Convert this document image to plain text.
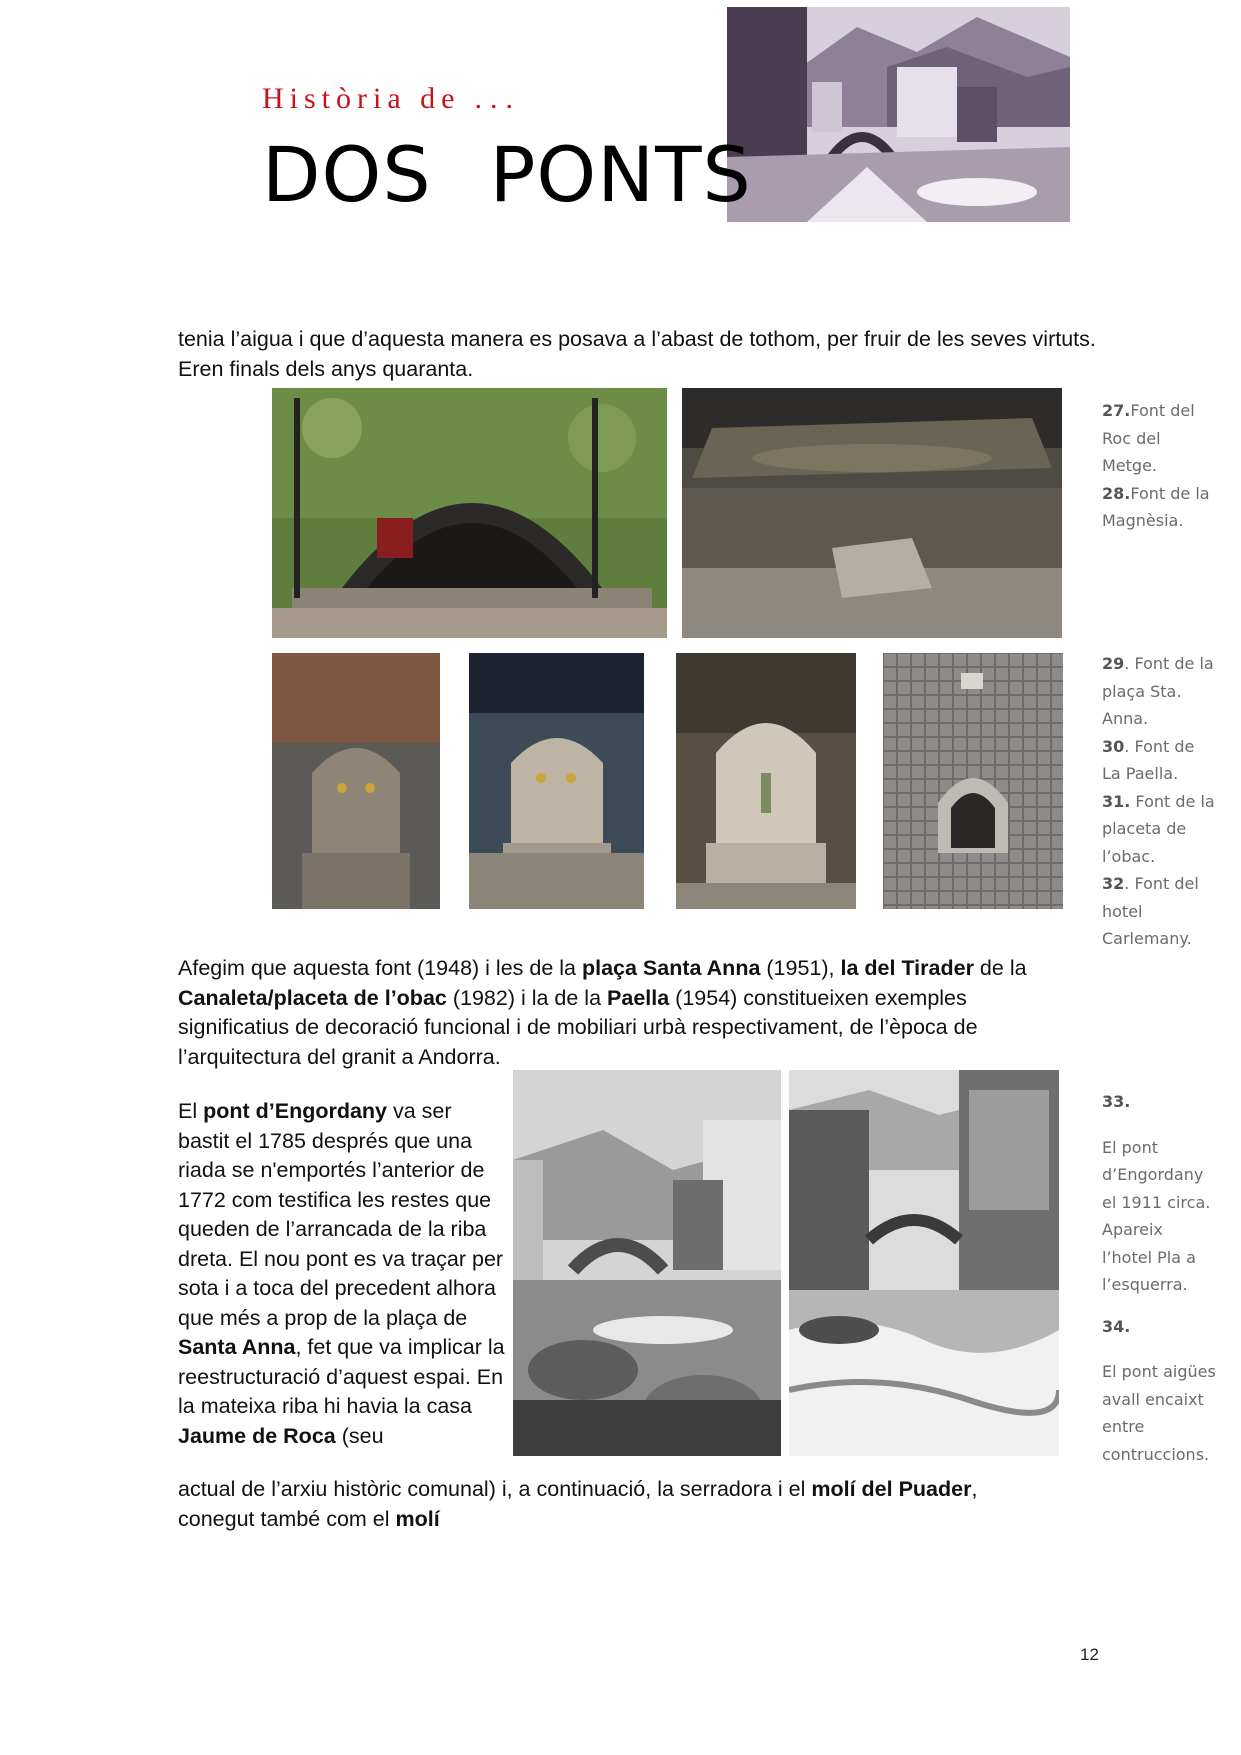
Història de ...
DOS PONTS
tenia l’aigua i que d’aquesta manera es posava a l’abast de tothom, per fruir de les seves virtuts. Eren finals dels anys quaranta.
27.Font del Roc del Metge.
28.Font de la Magnèsia.
29. Font de la plaça Sta. Anna.
30. Font de La Paella.
31. Font de la placeta de l’obac.
32. Font del hotel Carlemany.
Afegim que aquesta font (1948) i les de la plaça Santa Anna (1951), la del Tirader de la Canaleta/placeta de l’obac (1982) i la de la Paella (1954) constitueixen exemples significatius de decoració funcional i de mobiliari urbà respectivament, de l’època de l’arquitectura del granit a Andorra.
El pont d’Engordany va ser bastit el 1785 després que una riada se n'emportés l’anterior de 1772 com testifica les restes que queden de l’arrancada de la riba dreta. El nou pont es va traçar per sota i a toca del precedent alhora que més a prop de la plaça de Santa Anna, fet que va implicar la reestructuració d’aquest espai. En la mateixa riba hi havia la casa Jaume de Roca (seu
actual de l’arxiu històric comunal) i, a continuació, la serradora i el molí del Puader,
conegut també com el molí
33.

El pont d’Engordany el 1911 circa. Apareix l’hotel Pla a l’esquerra.

34.

El pont aigües avall encaixt entre contruccions.
12
